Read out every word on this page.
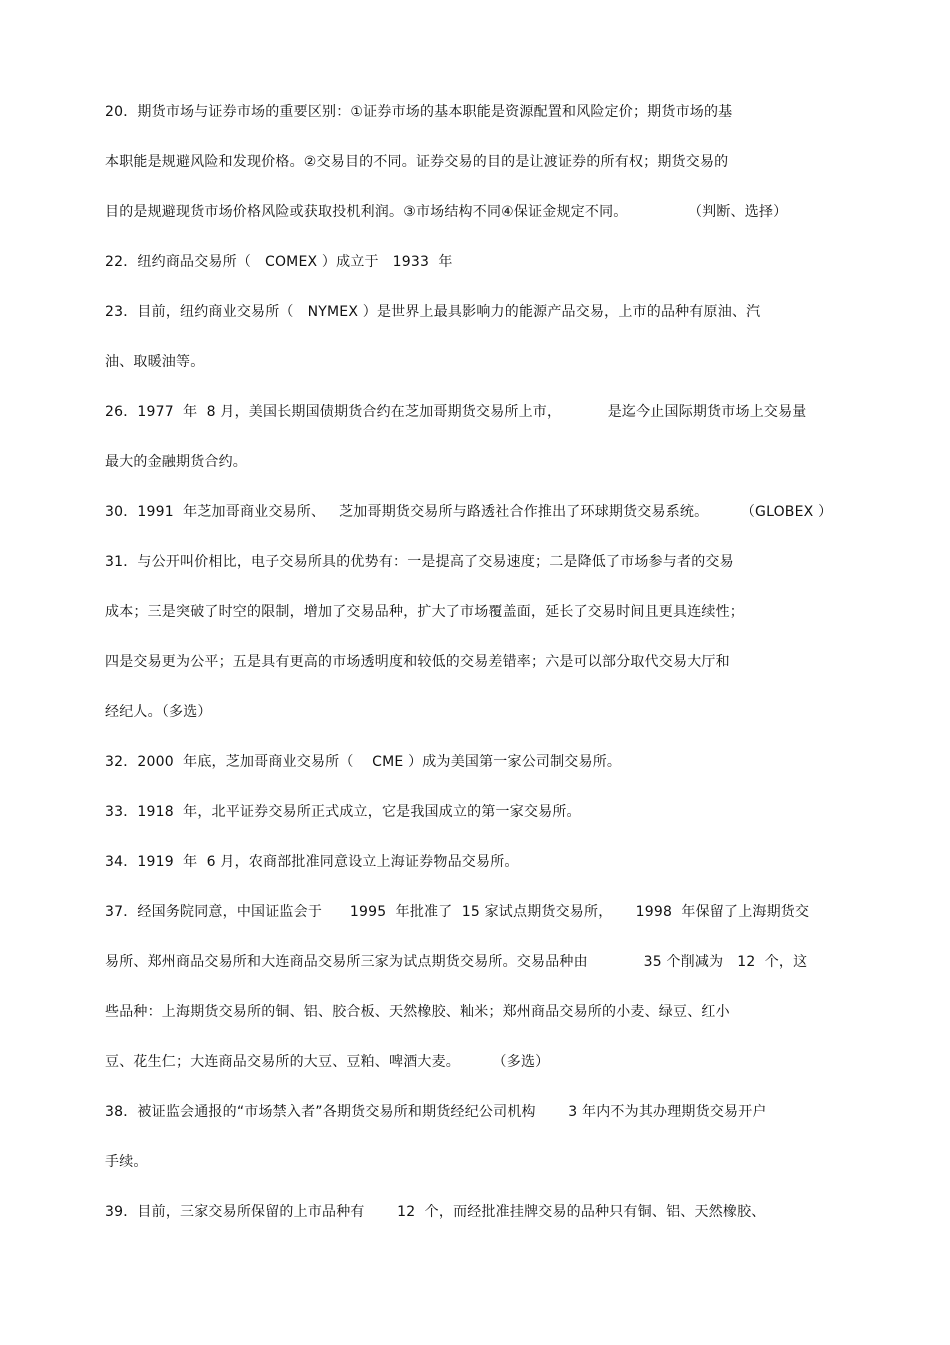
20．期货市场与证券市场的重要区别：①证券市场的基本职能是资源配置和风险定价；期货市场的基
本职能是规避风险和发现价格。②交易目的不同。证券交易的目的是让渡证券的所有权；期货交易的
目的是规避现货市场价格风险或获取投机利润。③市场结构不同④保证金规定不同。             （判断、选择）
22．纽约商品交易所（   COMEX ）成立于   1933  年
23．目前，纽约商业交易所（   NYMEX ）是世界上最具影响力的能源产品交易，上市的品种有原油、汽
油、取暖油等。
26．1977  年  8 月，美国长期国债期货合约在芝加哥期货交易所上市，          是迄今止国际期货市场上交易量
最大的金融期货合约。
30．1991  年芝加哥商业交易所、   芝加哥期货交易所与路透社合作推出了环球期货交易系统。       （GLOBEX ）
31．与公开叫价相比，电子交易所具的优势有：一是提高了交易速度；二是降低了市场参与者的交易
成本；三是突破了时空的限制，增加了交易品种，扩大了市场覆盖面，延长了交易时间且更具连续性；
四是交易更为公平；五是具有更高的市场透明度和较低的交易差错率；六是可以部分取代交易大厅和
经纪人。（多选）
32．2000  年底，芝加哥商业交易所（    CME ）成为美国第一家公司制交易所。
33．1918  年，北平证券交易所正式成立，它是我国成立的第一家交易所。
34．1919  年  6 月，农商部批准同意设立上海证券物品交易所。
37．经国务院同意，中国证监会于      1995  年批准了  15 家试点期货交易所，     1998  年保留了上海期货交
易所、郑州商品交易所和大连商品交易所三家为试点期货交易所。交易品种由            35 个削减为   12  个，这
些品种：上海期货交易所的铜、铝、胶合板、天然橡胶、籼米；郑州商品交易所的小麦、绿豆、红小
豆、花生仁；大连商品交易所的大豆、豆粕、啤酒大麦。       （多选）
38．被证监会通报的“市场禁入者”各期货交易所和期货经纪公司机构       3 年内不为其办理期货交易开户
手续。
39．目前，三家交易所保留的上市品种有       12  个，而经批准挂牌交易的品种只有铜、铝、天然橡胶、
